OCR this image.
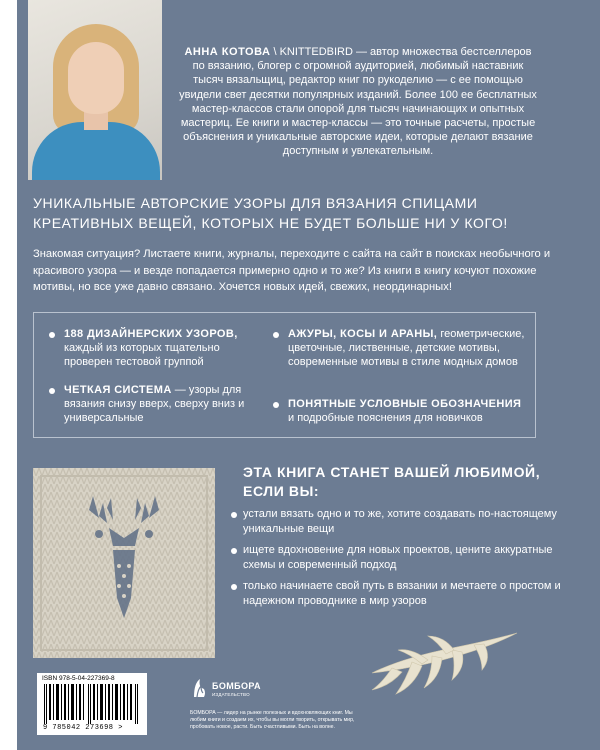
АННА КОТОВА \ KNITTEDBIRD — автор множества бестселлеров по вязанию, блогер с огромной аудиторией, любимый наставник тысяч вязальщиц, редактор книг по рукоделию — с ее помощью увидели свет десятки популярных изданий. Более 100 ее бесплатных мастер-классов стали опорой для тысяч начинающих и опытных мастериц. Ее книги и мастер-классы — это точные расчеты, простые объяснения и уникальные авторские идеи, которые делают вязание доступным и увлекательным.

УНИКАЛЬНЫЕ АВТОРСКИЕ УЗОРЫ ДЛЯ ВЯЗАНИЯ СПИЦАМИ КРЕАТИВНЫХ ВЕЩЕЙ, КОТОРЫХ НЕ БУДЕТ БОЛЬШЕ НИ У КОГО!

Знакомая ситуация? Листаете книги, журналы, переходите с сайта на сайт в поисках необычного и красивого узора — и везде попадается примерно одно и то же? Из книги в книгу кочуют похожие мотивы, но все уже давно связано. Хочется новых идей, свежих, неординарных!

188 ДИЗАЙНЕРСКИХ УЗОРОВ, каждый из которых тщательно проверен тестовой группой
ЧЕТКАЯ СИСТЕМА — узоры для вязания снизу вверх, сверху вниз и универсальные
АЖУРЫ, КОСЫ И АРАНЫ, геометрические, цветочные, лиственные, детские мотивы, современные мотивы в стиле модных домов
ПОНЯТНЫЕ УСЛОВНЫЕ ОБОЗНАЧЕНИЯ и подробные пояснения для новичков

ЭТА КНИГА СТАНЕТ ВАШЕЙ ЛЮБИМОЙ, ЕСЛИ ВЫ:

устали вязать одно и то же, хотите создавать по-настоящему уникальные вещи
ищете вдохновение для новых проектов, цените аккуратные схемы и современный подход
только начинаете свой путь в вязании и мечтаете о простом и надежном проводнике в мир узоров
ISBN 978-5-04-227369-8
9 785042 273698 >
БОМБОРА
ИЗДАТЕЛЬСТВО

БОМБОРА — лидер на рынке полезных и вдохновляющих книг. Мы любим книги и создаем их, чтобы вы могли творить, открывать мир, пробовать новое, расти. Быть счастливыми. Быть на волне.
